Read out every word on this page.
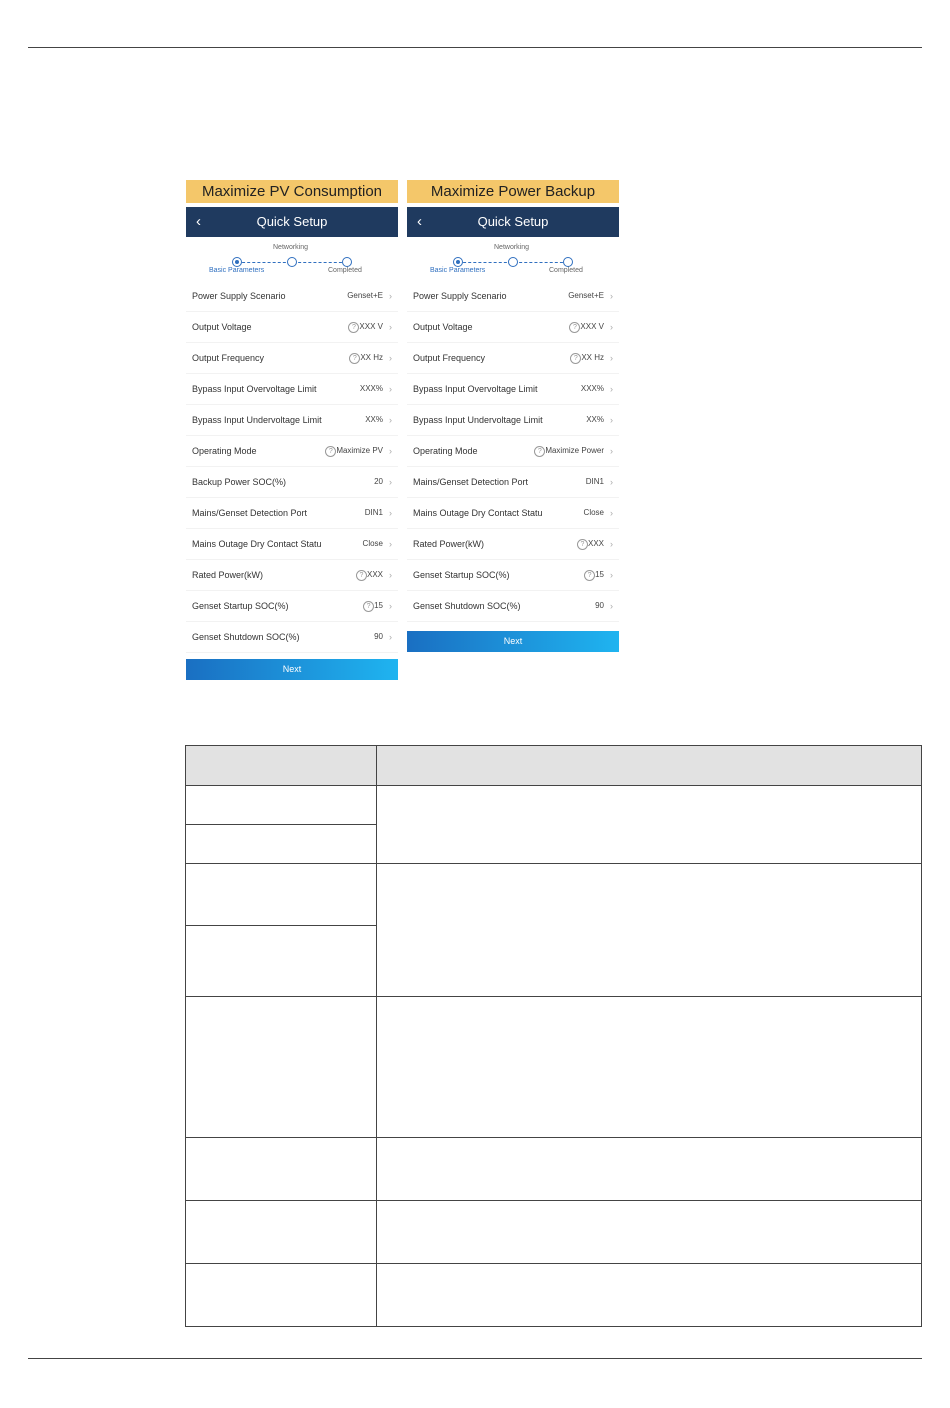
Maximize PV Consumption
‹	Quick Setup
Networking
Basic Parameters	Completed
Power Supply Scenario	Genset+E ›
Output Voltage	? XXX V ›
Output Frequency	? XX Hz ›
Bypass Input Overvoltage Limit	XXX% ›
Bypass Input Undervoltage Limit	XX% ›
Operating Mode	? Maximize PV ›
Backup Power SOC(%)	20 ›
Mains/Genset Detection Port	DIN1 ›
Mains Outage Dry Contact Statu	Close ›
Rated Power(kW)	? XXX ›
Genset Startup SOC(%)	? 15 ›
Genset Shutdown SOC(%)	90 ›
Next
Maximize Power Backup
‹	Quick Setup
Networking
Basic Parameters	Completed
Power Supply Scenario	Genset+E ›
Output Voltage	? XXX V ›
Output Frequency	? XX Hz ›
Bypass Input Overvoltage Limit	XXX% ›
Bypass Input Undervoltage Limit	XX% ›
Operating Mode	? Maximize Power ›
Mains/Genset Detection Port	DIN1 ›
Mains Outage Dry Contact Statu	Close ›
Rated Power(kW)	? XXX ›
Genset Startup SOC(%)	? 15 ›
Genset Shutdown SOC(%)	90 ›
Next
